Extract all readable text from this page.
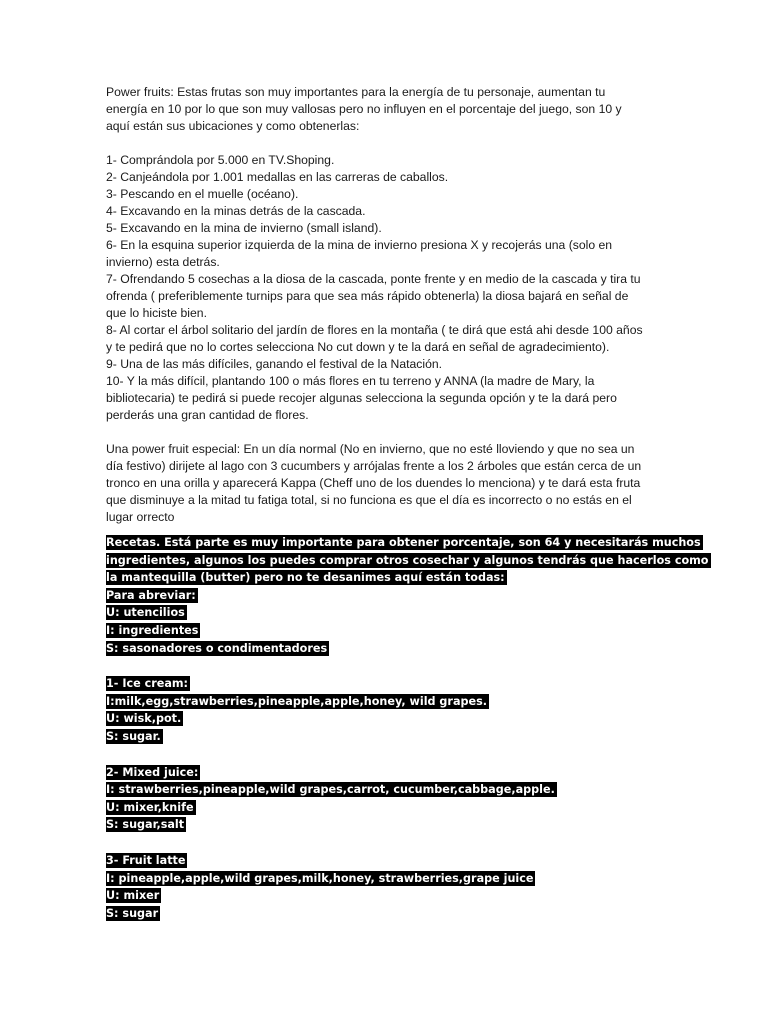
Power fruits: Estas frutas son muy importantes para la energía de tu personaje, aumentan tu
energía en 10 por lo que son muy vallosas pero no influyen en el porcentaje del juego, son 10 y
aquí están sus ubicaciones y como obtenerlas:
1- Comprándola por 5.000 en TV.Shoping.
2- Canjeándola por 1.001 medallas en las carreras de caballos.
3- Pescando en el muelle (océano).
4- Excavando en la minas detrás de la cascada.
5- Excavando en la mina de invierno (small island).
6- En la esquina superior izquierda de la mina de invierno presiona X y recojerás una (solo en
invierno) esta detrás.
7- Ofrendando 5 cosechas a la diosa de la cascada, ponte frente y en medio de la cascada y tira tu
ofrenda ( preferiblemente turnips para que sea más rápido obtenerla) la diosa bajará en señal de
que lo hiciste bien.
8- Al cortar el árbol solitario del jardín de flores en la montaña ( te dirá que está ahi desde 100 años
y te pedirá que no lo cortes selecciona No cut down y te la dará en señal de agradecimiento).
9- Una de las más difíciles, ganando el festival de la Natación.
10- Y la más difícil, plantando 100 o más flores en tu terreno y ANNA (la madre de Mary, la
bibliotecaria) te pedirá si puede recojer algunas selecciona la segunda opción y te la dará pero
perderás una gran cantidad de flores.
Una power fruit especial: En un día normal (No en invierno, que no esté lloviendo y que no sea un
día festivo) dirijete al lago con 3 cucumbers y arrójalas frente a los 2 árboles que están cerca de un
tronco en una orilla y aparecerá Kappa (Cheff uno de los duendes lo menciona) y te dará esta fruta
que disminuye a la mitad tu fatiga total, si no funciona es que el día es incorrecto o no estás en el
lugar orrecto
Recetas. Está parte es muy importante para obtener porcentaje, son 64 y necesitarás muchos
ingredientes, algunos los puedes comprar otros cosechar y algunos tendrás que hacerlos como
la mantequilla (butter) pero no te desanimes aquí están todas:
Para abreviar:
U: utencilios
I: ingredientes
S: sasonadores o condimentadores
1- Ice cream:
I:milk,egg,strawberries,pineapple,apple,honey, wild grapes.
U: wisk,pot.
S: sugar.
2- Mixed juice:
I: strawberries,pineapple,wild grapes,carrot, cucumber,cabbage,apple.
U: mixer,knife
S: sugar,salt
3- Fruit latte
I: pineapple,apple,wild grapes,milk,honey, strawberries,grape juice
U: mixer
S: sugar
